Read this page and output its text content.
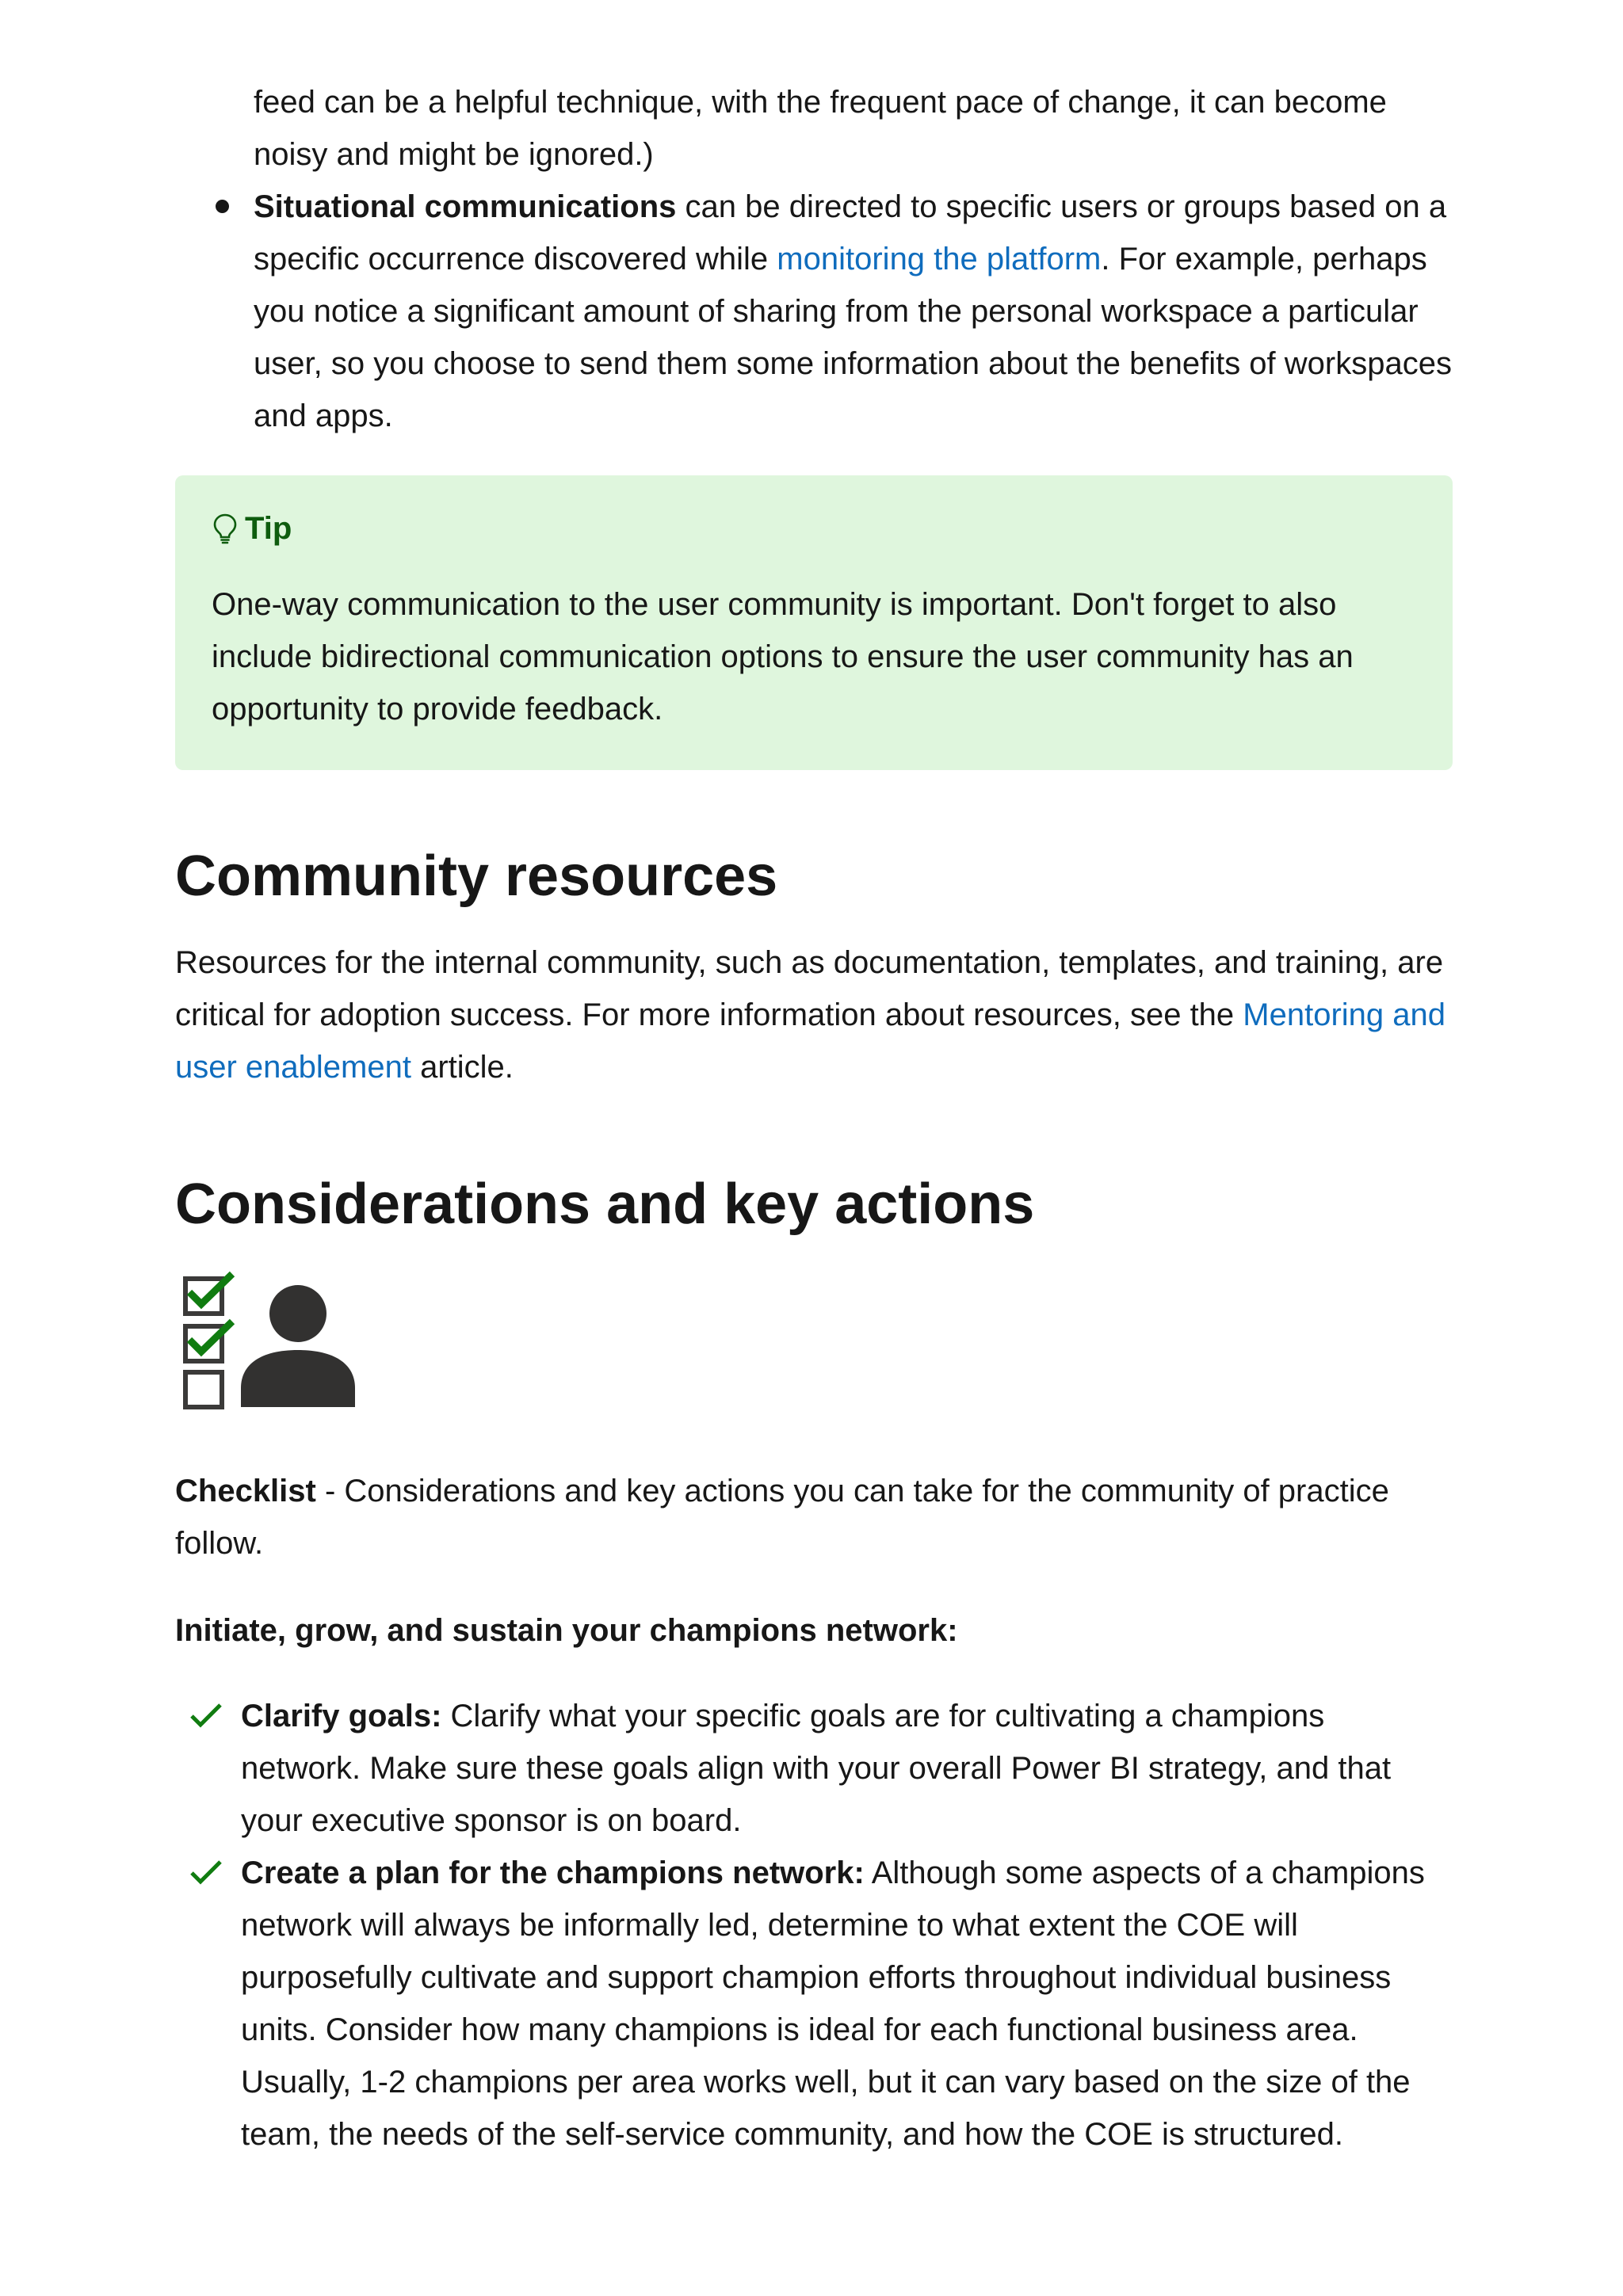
feed can be a helpful technique, with the frequent pace of change, it can become noisy and might be ignored.)
Situational communications can be directed to specific users or groups based on a specific occurrence discovered while monitoring the platform. For example, perhaps you notice a significant amount of sharing from the personal workspace a particular user, so you choose to send them some information about the benefits of workspaces and apps.
Tip

One-way communication to the user community is important. Don't forget to also include bidirectional communication options to ensure the user community has an opportunity to provide feedback.

Community resources

Resources for the internal community, such as documentation, templates, and training, are critical for adoption success. For more information about resources, see the Mentoring and user enablement article.

Considerations and key actions

Checklist - Considerations and key actions you can take for the community of practice follow.

Initiate, grow, and sustain your champions network:

Clarify goals: Clarify what your specific goals are for cultivating a champions network. Make sure these goals align with your overall Power BI strategy, and that your executive sponsor is on board.
Create a plan for the champions network: Although some aspects of a champions network will always be informally led, determine to what extent the COE will purposefully cultivate and support champion efforts throughout individual business units. Consider how many champions is ideal for each functional business area. Usually, 1-2 champions per area works well, but it can vary based on the size of the team, the needs of the self-service community, and how the COE is structured.
